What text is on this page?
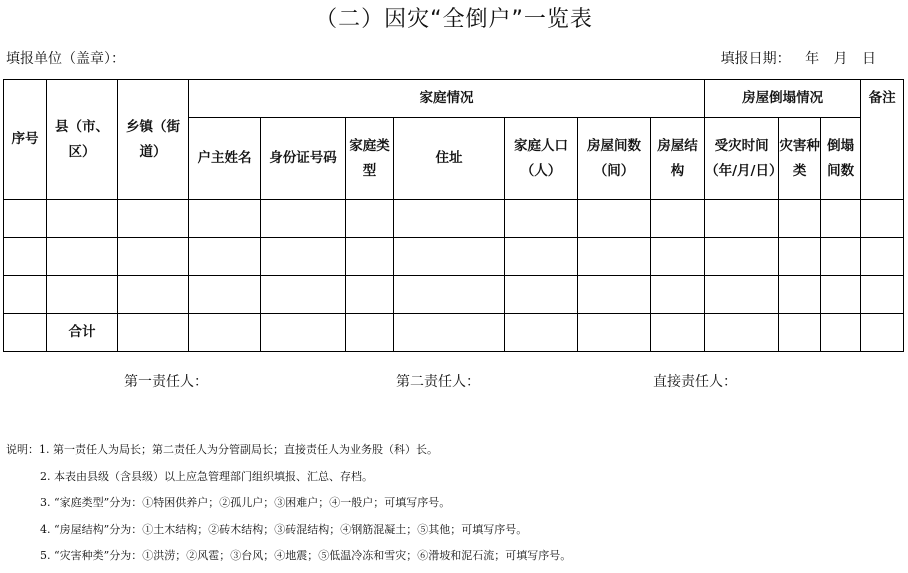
（二）因灾“全倒户”一览表
填报单位（盖章）：	填报日期： 年 月 日
序号	县（市、区）	乡镇（街道）	家庭情况							房屋倒塌情况			备注
			户主姓名	身份证号码	家庭类型	住址	家庭人口（人）	房屋间数（间）	房屋结构	受灾时间（年/月/日）	灾害种类	倒塌间数	

	合计												
第一责任人：	第二责任人：	直接责任人：
说明：1. 第一责任人为局长；第二责任人为分管副局长；直接责任人为业务股（科）长。
2. 本表由县级（含县级）以上应急管理部门组织填报、汇总、存档。
3. “家庭类型”分为：①特困供养户；②孤儿户；③困难户；④一般户；可填写序号。
4. “房屋结构”分为：①土木结构；②砖木结构；③砖混结构；④钢筋混凝土；⑤其他；可填写序号。
5. “灾害种类”分为：①洪涝；②风雹；③台风；④地震；⑤低温冷冻和雪灾；⑥滑坡和泥石流；可填写序号。
